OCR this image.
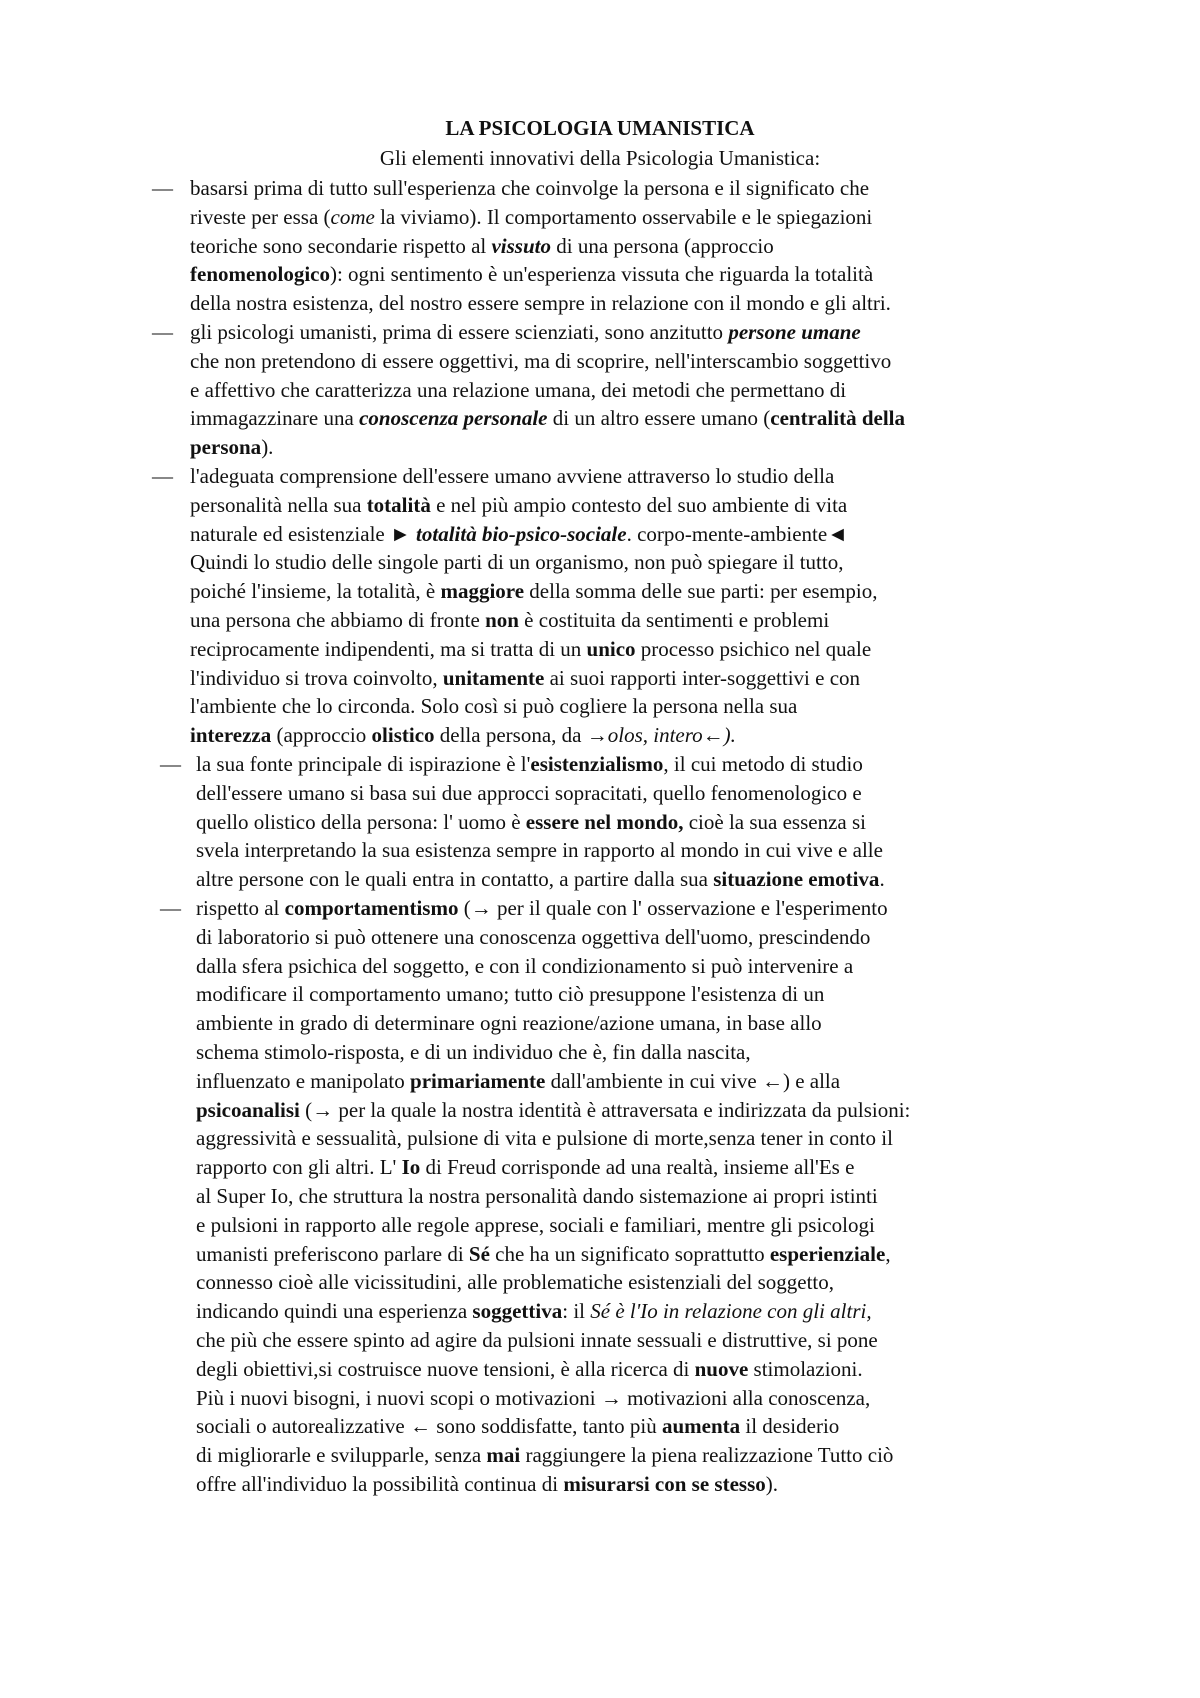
LA PSICOLOGIA UMANISTICA
Gli elementi innovativi della Psicologia Umanistica:
— basarsi prima di tutto sull'esperienza che coinvolge la persona e il significato che
riveste per essa (come la viviamo). Il comportamento osservabile e le spiegazioni
teoriche sono secondarie rispetto al vissuto di una persona (approccio
fenomenologico): ogni sentimento è un'esperienza vissuta che riguarda la totalità
della nostra esistenza, del nostro essere sempre in relazione con il mondo e gli altri.
— gli psicologi umanisti, prima di essere scienziati, sono anzitutto persone umane
che non pretendono di essere oggettivi, ma di scoprire, nell'interscambio soggettivo
e affettivo che caratterizza una relazione umana, dei metodi che permettano di
immagazzinare una conoscenza personale di un altro essere umano (centralità della
persona).
— l'adeguata comprensione dell'essere umano avviene attraverso lo studio della
personalità nella sua totalità e nel più ampio contesto del suo ambiente di vita
naturale ed esistenziale ► totalità bio-psico-sociale. corpo-mente-ambiente◄
Quindi lo studio delle singole parti di un organismo, non può spiegare il tutto,
poiché l'insieme, la totalità, è maggiore della somma delle sue parti: per esempio,
una persona che abbiamo di fronte non è costituita da sentimenti e problemi
reciprocamente indipendenti, ma si tratta di un unico processo psichico nel quale
l'individuo si trova coinvolto, unitamente ai suoi rapporti inter-soggettivi e con
l'ambiente che lo circonda. Solo così si può cogliere la persona nella sua
interezza (approccio olistico della persona, da →olos, intero←).
— la sua fonte principale di ispirazione è l'esistenzialismo, il cui metodo di studio
dell'essere umano si basa sui due approcci sopracitati, quello fenomenologico e
quello olistico della persona: l' uomo è essere nel mondo, cioè la sua essenza si
svela interpretando la sua esistenza sempre in rapporto al mondo in cui vive e alle
altre persone con le quali entra in contatto, a partire dalla sua situazione emotiva.
— rispetto al comportamentismo (→ per il quale con l' osservazione e l'esperimento
di laboratorio si può ottenere una conoscenza oggettiva dell'uomo, prescindendo
dalla sfera psichica del soggetto, e con il condizionamento si può intervenire a
modificare il comportamento umano; tutto ciò presuppone l'esistenza di un
ambiente in grado di determinare ogni reazione/azione umana, in base allo
schema stimolo-risposta, e di un individuo che è, fin dalla nascita,
influenzato e manipolato primariamente dall'ambiente in cui vive ←) e alla
psicoanalisi (→ per la quale la nostra identità è attraversata e indirizzata da pulsioni:
aggressività e sessualità, pulsione di vita e pulsione di morte,senza tener in conto il
rapporto con gli altri. L' Io di Freud corrisponde ad una realtà, insieme all'Es e
al Super Io, che struttura la nostra personalità dando sistemazione ai propri istinti
e pulsioni in rapporto alle regole apprese, sociali e familiari, mentre gli psicologi
umanisti preferiscono parlare di Sé che ha un significato soprattutto esperienziale,
connesso cioè alle vicissitudini, alle problematiche esistenziali del soggetto,
indicando quindi una esperienza soggettiva: il Sé è l'Io in relazione con gli altri,
che più che essere spinto ad agire da pulsioni innate sessuali e distruttive, si pone
degli obiettivi,si costruisce nuove tensioni, è alla ricerca di nuove stimolazioni.
Più i nuovi bisogni, i nuovi scopi o motivazioni → motivazioni alla conoscenza,
sociali o autorealizzative ← sono soddisfatte, tanto più aumenta il desiderio
di migliorarle e svilupparle, senza mai raggiungere la piena realizzazione Tutto ciò
offre all'individuo la possibilità continua di misurarsi con se stesso).
